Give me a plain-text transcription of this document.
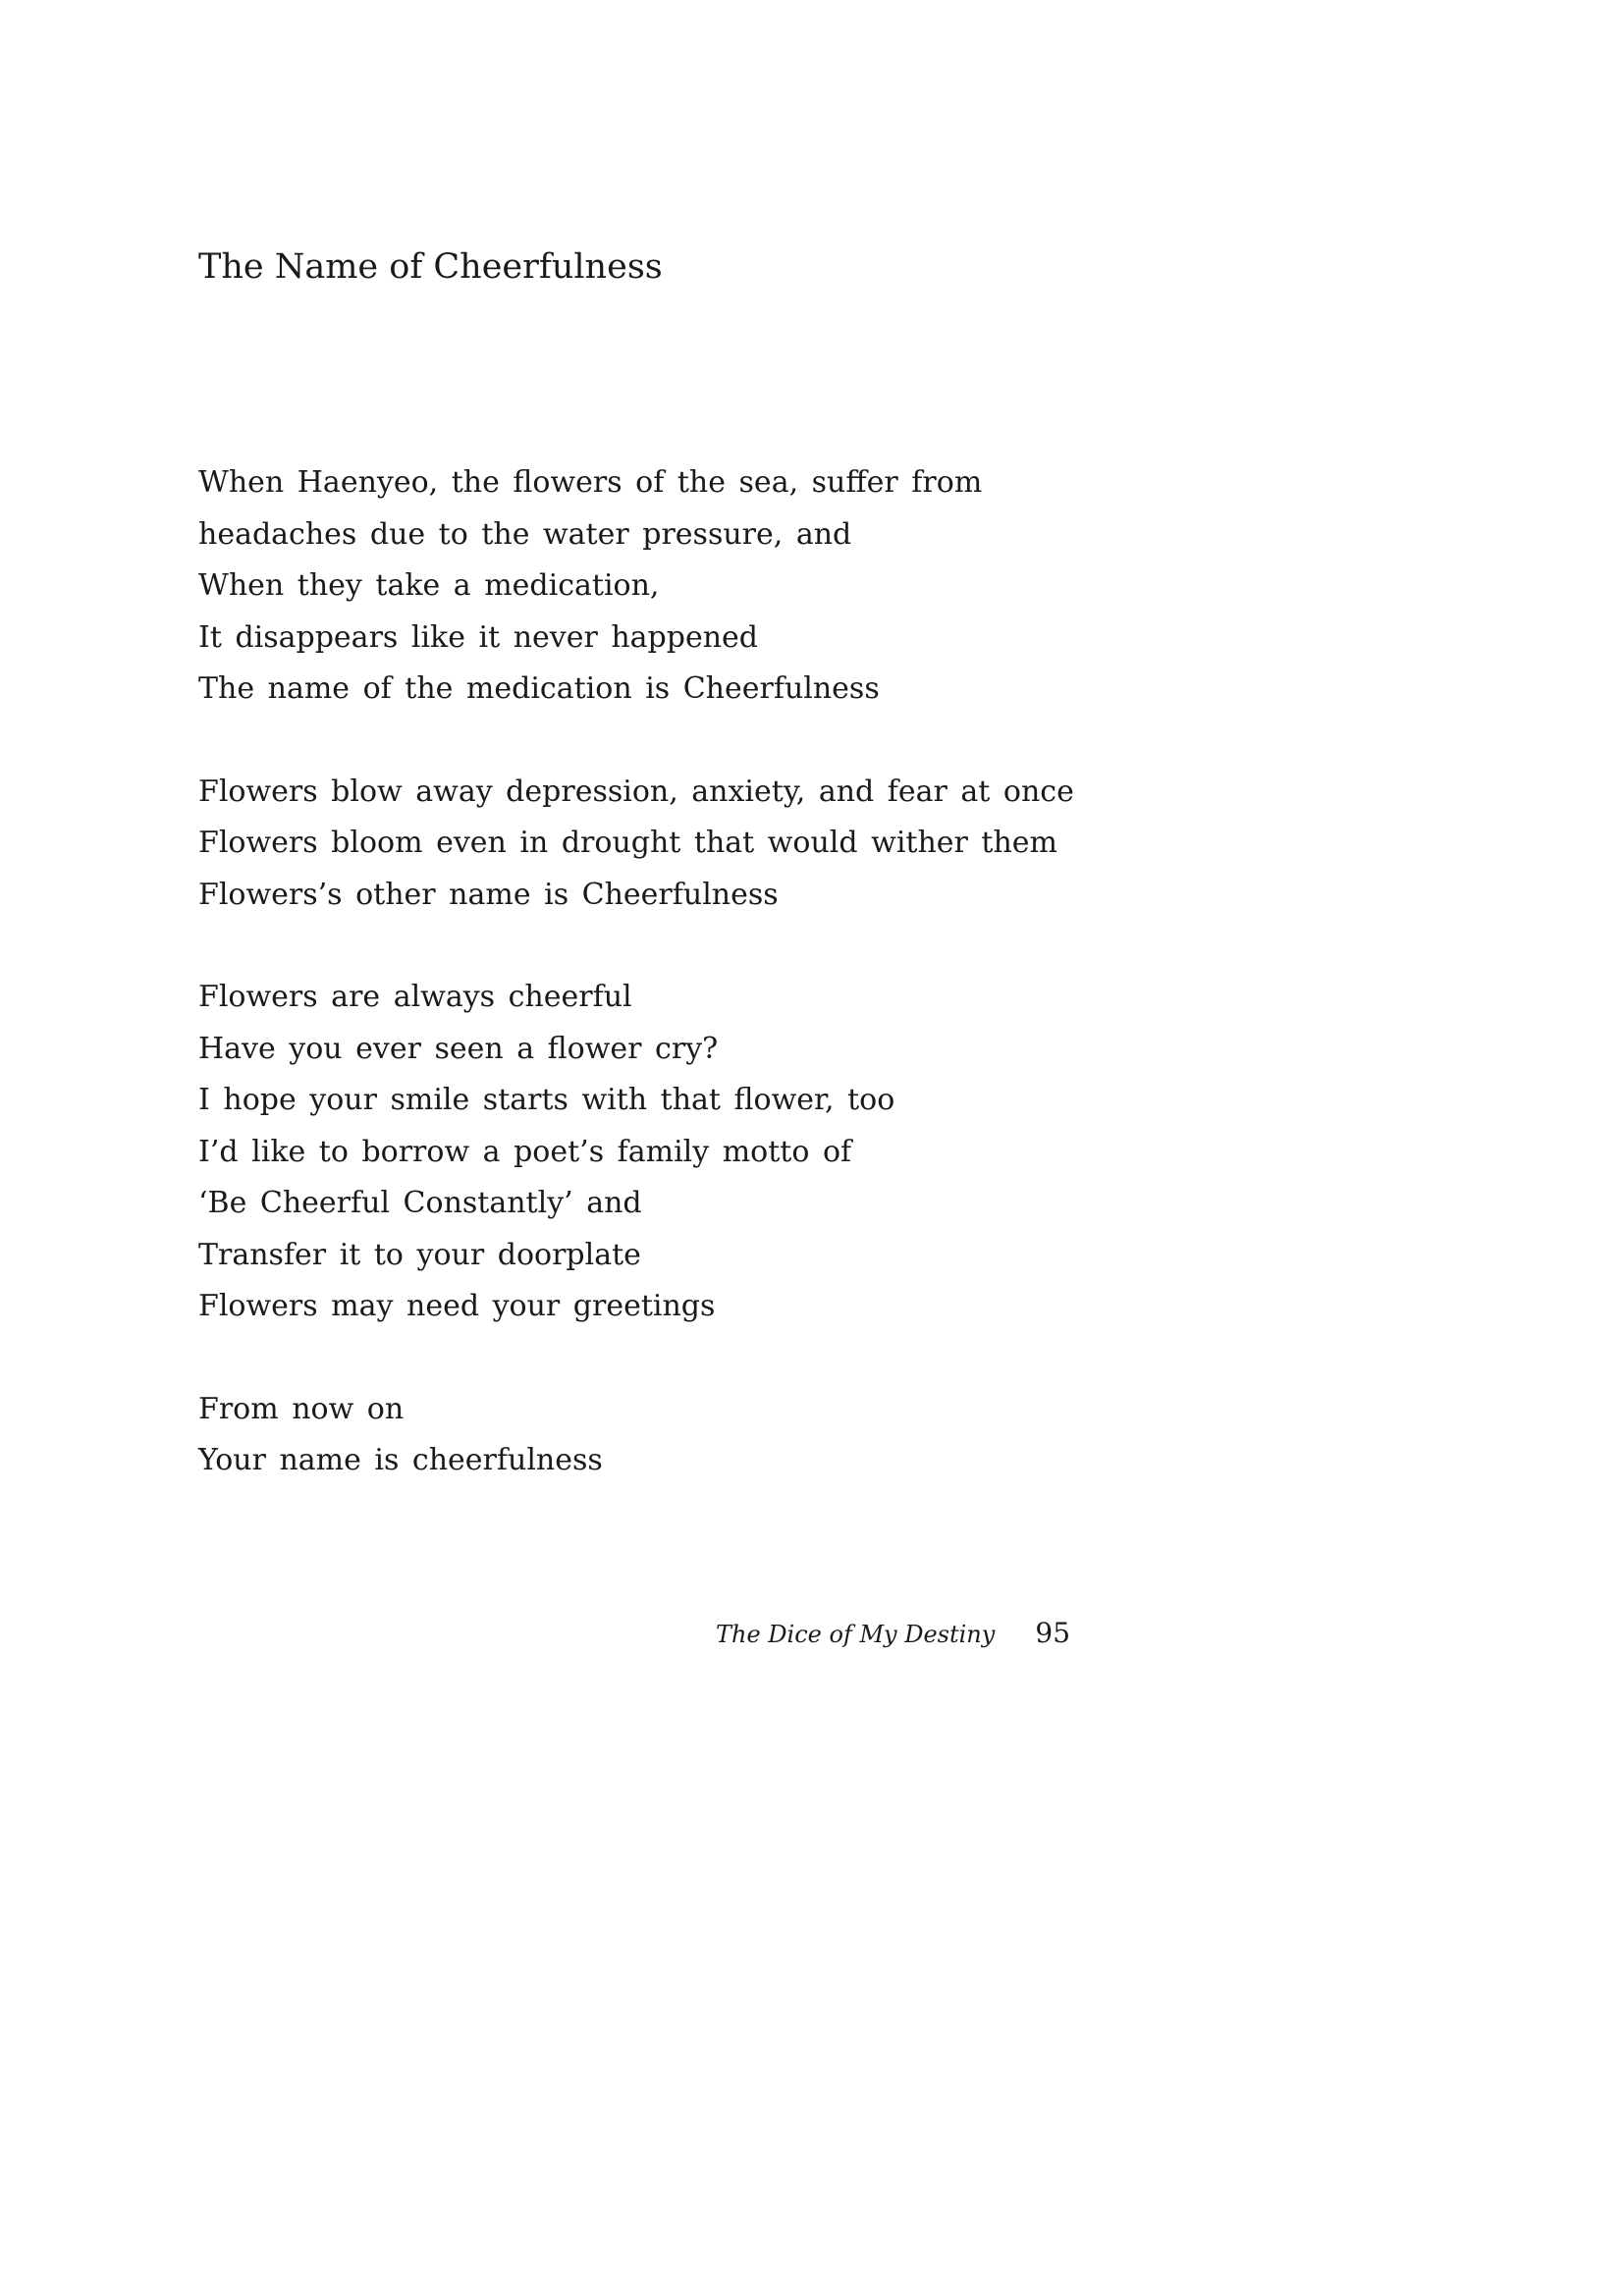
The Name of Cheerfulness
When Haenyeo, the flowers of the sea, suffer from
headaches due to the water pressure, and
When they take a medication,
It disappears like it never happened
The name of the medication is Cheerfulness
Flowers blow away depression, anxiety, and fear at once
Flowers bloom even in drought that would wither them
Flowers’s other name is Cheerfulness
Flowers are always cheerful
Have you ever seen a flower cry?
I hope your smile starts with that flower, too
I’d like to borrow a poet’s family motto of
‘Be Cheerful Constantly’ and
Transfer it to your doorplate
Flowers may need your greetings
From now on
Your name is cheerfulness
The Dice of My Destiny 95
